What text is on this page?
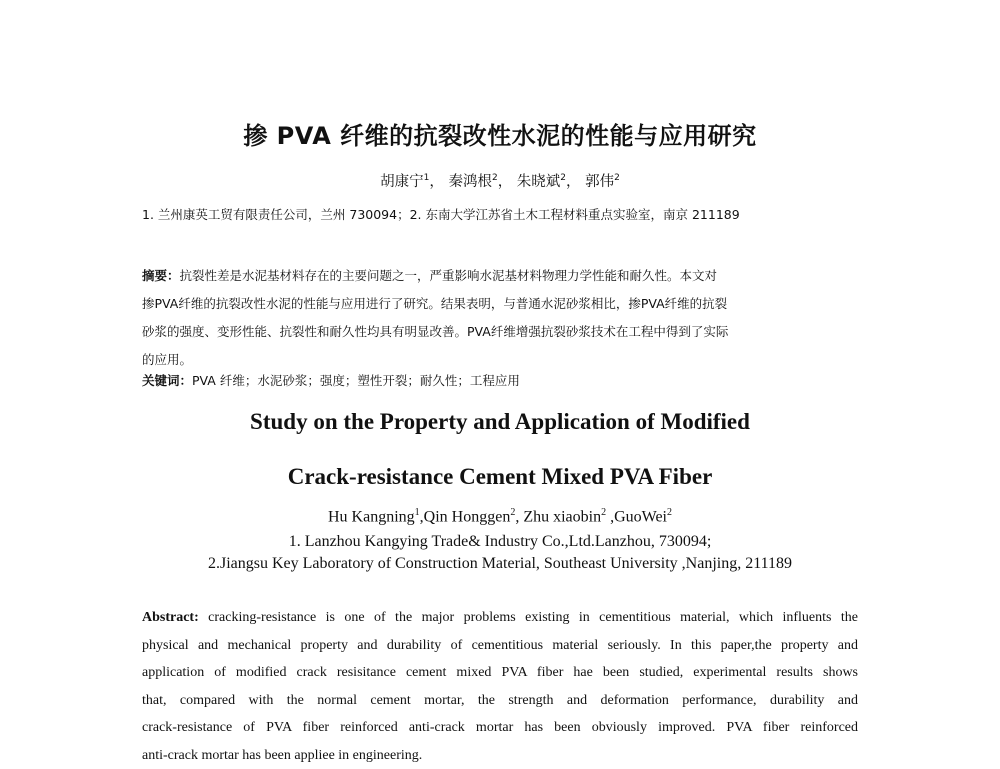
掺 PVA 纤维的抗裂改性水泥的性能与应用研究
胡康宁$^1$， 秦鸿根$^2$， 朱晓斌$^2$， 郭伟$^2$
1. 兰州康英工贸有限责任公司，兰州 730094；2. 东南大学江苏省土木工程材料重点实验室，南京 211189
摘要：抗裂性差是水泥基材料存在的主要问题之一，严重影响水泥基材料物理力学性能和耐久性。本文对
掺PVA纤维的抗裂改性水泥的性能与应用进行了研究。结果表明，与普通水泥砂浆相比，掺PVA纤维的抗裂
砂浆的强度、变形性能、抗裂性和耐久性均具有明显改善。PVA纤维增强抗裂砂浆技术在工程中得到了实际
的应用。
关键词：PVA 纤维；水泥砂浆；强度；塑性开裂；耐久性；工程应用
Study on the Property and Application of Modified
Crack-resistance Cement Mixed PVA Fiber
Hu Kangning$^1$,Qin Honggen$^2$, Zhu xiaobin$^2$ ,GuoWei$^2$
1. Lanzhou Kangying Trade& Industry Co.,Ltd.Lanzhou, 730094;
2.Jiangsu Key Laboratory of Construction Material, Southeast University ,Nanjing, 211189
Abstract: cracking-resistance is one of the major problems existing in cementitious material, which influents the
physical and mechanical property and durability of cementitious material seriously. In this paper,the property and
application of modified crack resisitance cement mixed PVA fiber hae been studied, experimental results shows
that, compared with the normal cement mortar, the strength and deformation performance, durability and
crack-resistance of PVA fiber reinforced anti-crack mortar has been obviously improved. PVA fiber reinforced
anti-crack mortar has been appliee in engineering.
